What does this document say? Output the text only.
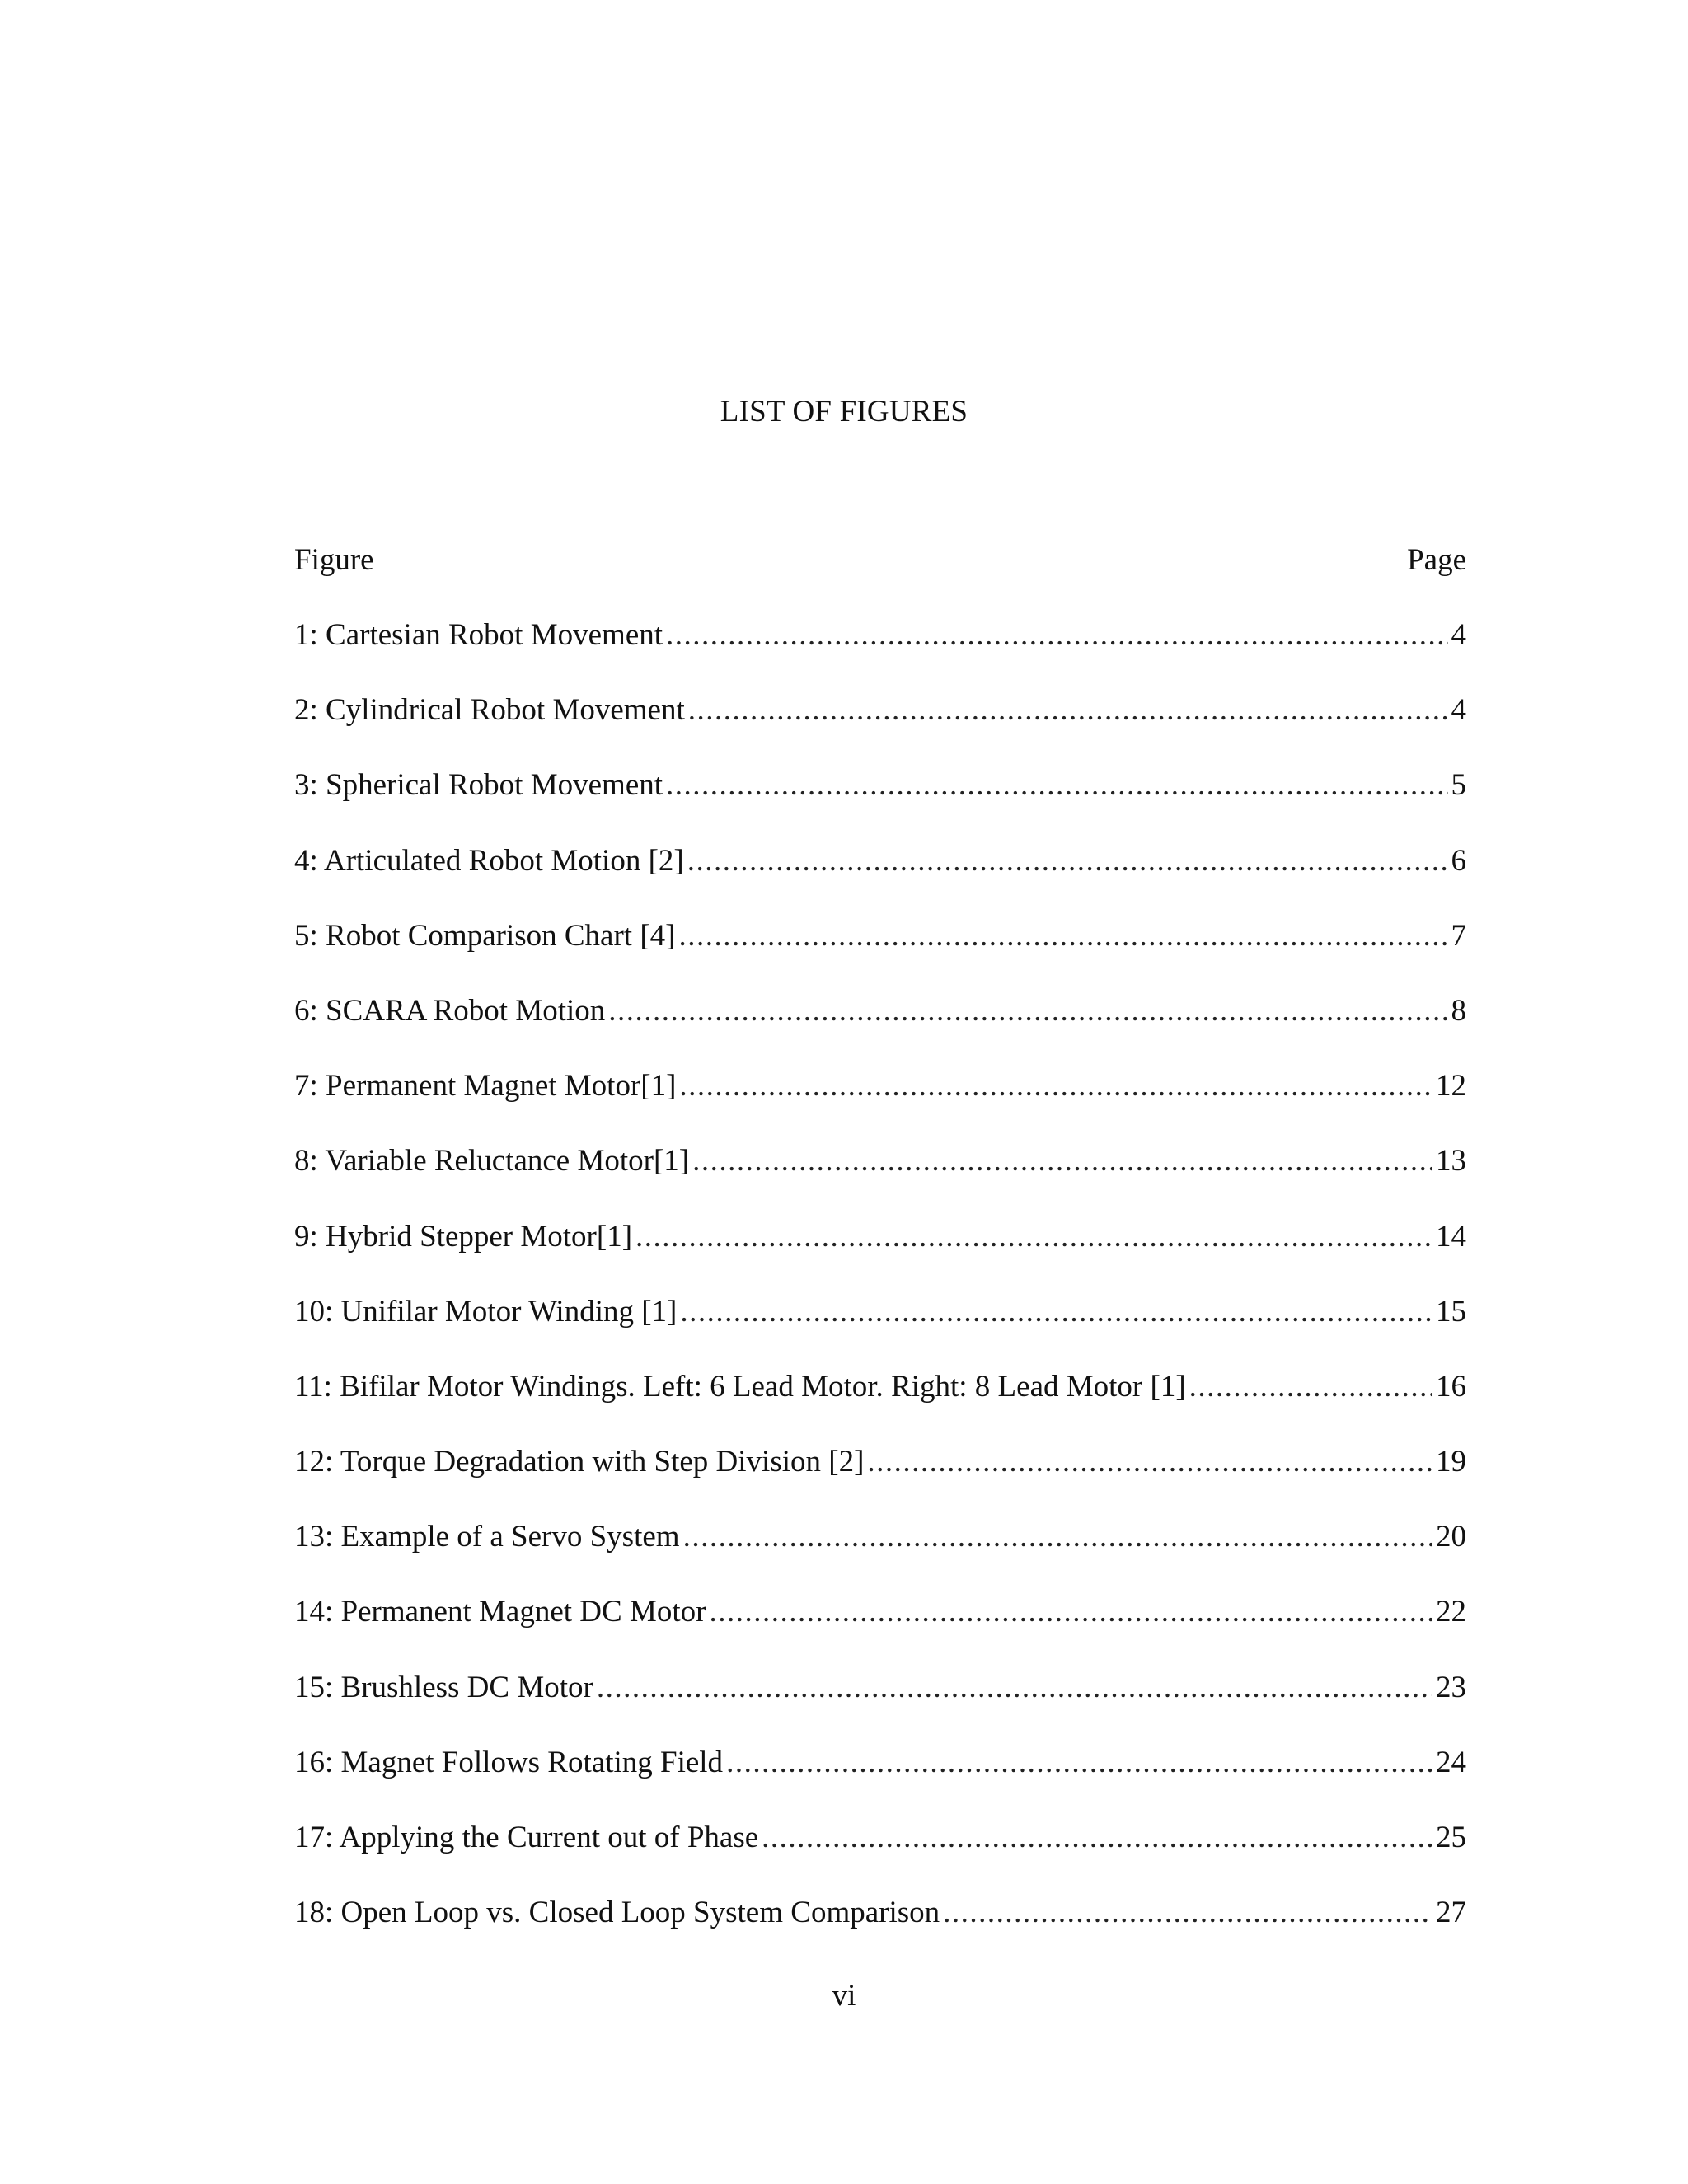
LIST OF FIGURES
Figure	Page
1: Cartesian Robot Movement .....	4
2: Cylindrical Robot Movement .....	4
3: Spherical Robot Movement .....	5
4: Articulated Robot Motion [2] .....	6
5: Robot Comparison Chart [4] .....	7
6: SCARA Robot Motion .....	8
7: Permanent Magnet Motor[1] .....	12
8: Variable Reluctance Motor[1] .....	13
9: Hybrid Stepper Motor[1] .....	14
10: Unifilar Motor Winding [1] .....	15
11: Bifilar Motor Windings. Left: 6 Lead Motor. Right: 8 Lead Motor [1] .....	16
12: Torque Degradation with Step Division [2] .....	19
13: Example of a Servo System .....	20
14: Permanent Magnet DC Motor .....	22
15: Brushless DC Motor .....	23
16: Magnet Follows Rotating Field .....	24
17: Applying the Current out of Phase .....	25
18: Open Loop vs. Closed Loop System Comparison .....	27
vi
